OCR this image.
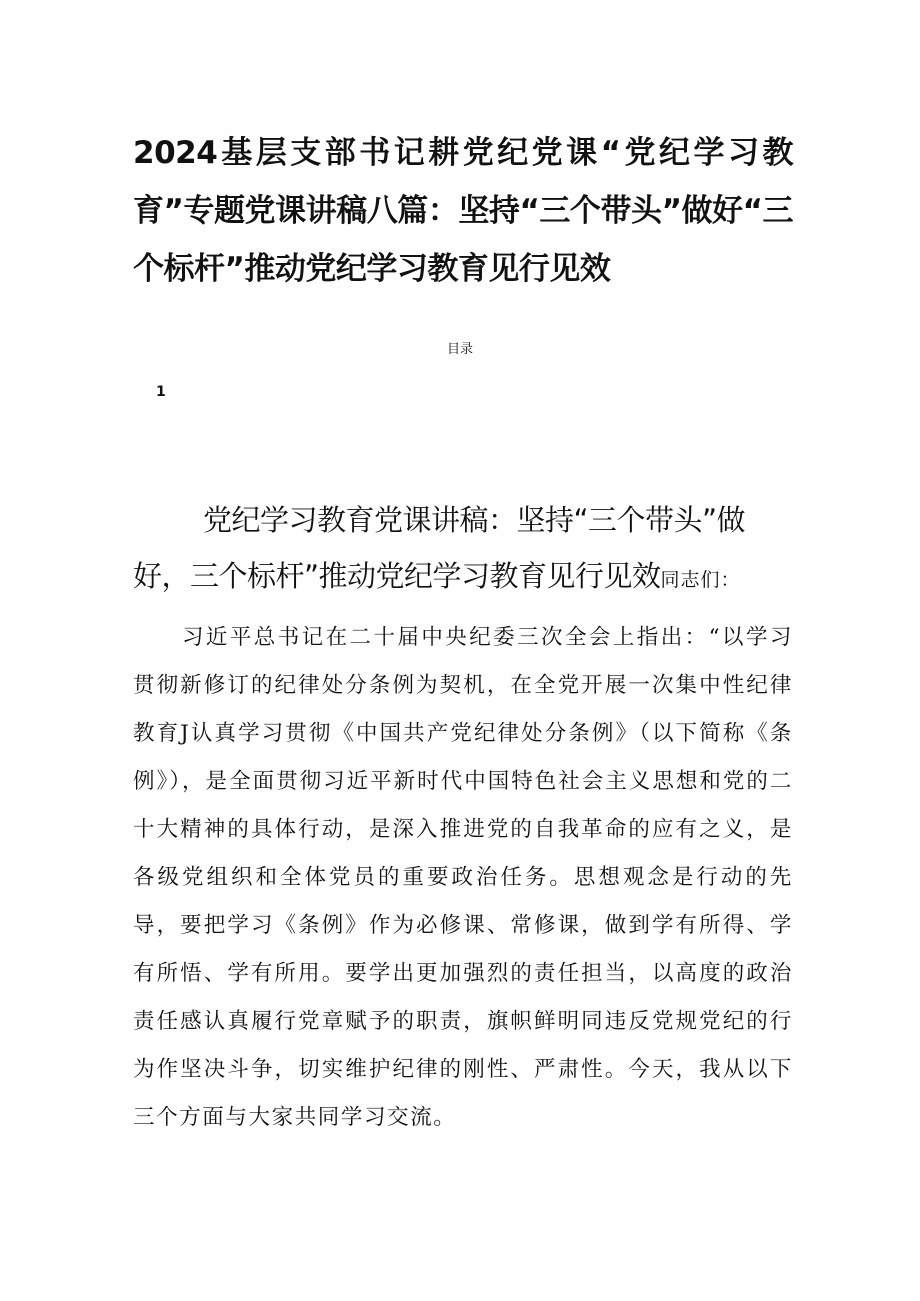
2024基层支部书记耕党纪党课“党纪学习教育”专题党课讲稿八篇：坚持“三个带头”做好“三个标杆”推动党纪学习教育见行见效
目录
1

党纪学习教育党课讲稿：坚持“三个带头”做好，三个标杆”推动党纪学习教育见行见效同志们：

习近平总书记在二十届中央纪委三次全会上指出：“以学习贯彻新修订的纪律处分条例为契机，在全党开展一次集中性纪律教育J认真学习贯彻《中国共产党纪律处分条例》（以下简称《条例》），是全面贯彻习近平新时代中国特色社会主义思想和党的二十大精神的具体行动，是深入推进党的自我革命的应有之义，是各级党组织和全体党员的重要政治任务。思想观念是行动的先导，要把学习《条例》作为必修课、常修课，做到学有所得、学有所悟、学有所用。要学出更加强烈的责任担当，以高度的政治责任感认真履行党章赋予的职责，旗帜鲜明同违反党规党纪的行为作坚决斗争，切实维护纪律的刚性、严肃性。今天，我从以下三个方面与大家共同学习交流。
